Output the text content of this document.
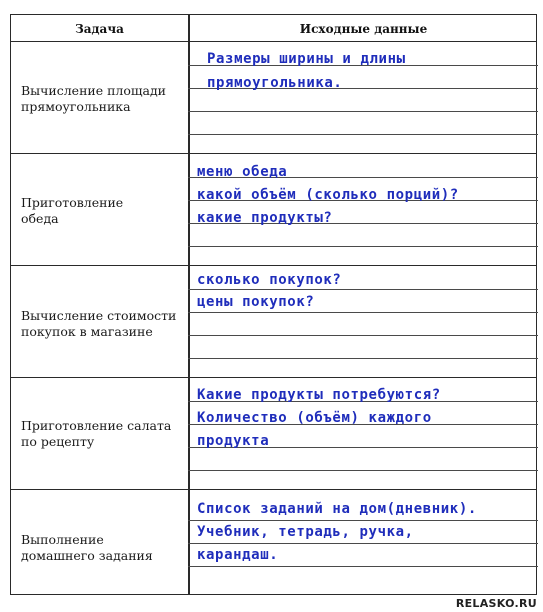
Задача	Исходные данные
Вычисление площади
прямоугольника
Размеры ширины и длины
прямоугольника.
Приготовление
обеда
меню обеда
какой объём (сколько порций)?
какие продукты?
Вычисление стоимости
покупок в магазине
сколько покупок?
цены покупок?
Приготовление салата
по рецепту
Какие продукты потребуются?
Количество (объём) каждого
продукта
Выполнение
домашнего задания
Список заданий на дом(дневник).
Учебник, тетрадь, ручка,
карандаш.
RELASKO.RU
